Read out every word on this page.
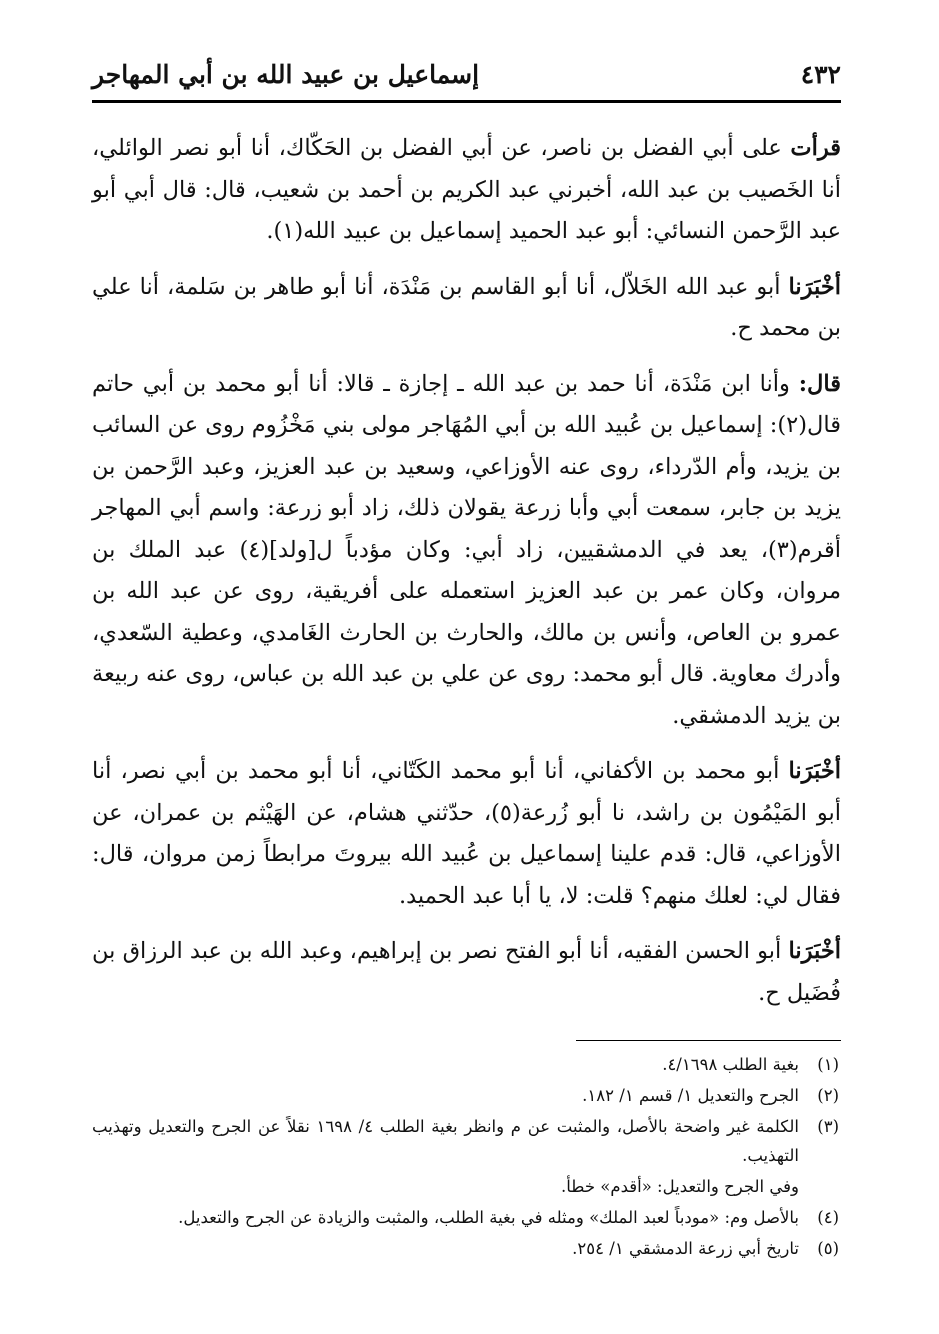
٤٣٢
إسماعيل بن عبيد الله بن أبي المهاجر

قرأت على أبي الفضل بن ناصر، عن أبي الفضل بن الحَكّاك، أنا أبو نصر الوائلي، أنا الخَصيب بن عبد الله، أخبرني عبد الكريم بن أحمد بن شعيب، قال: قال أبي أبو عبد الرَّحمن النسائي: أبو عبد الحميد إسماعيل بن عبيد الله(١).

أخْبَرَنا أبو عبد الله الخَلاّل، أنا أبو القاسم بن مَنْدَة، أنا أبو طاهر بن سَلمة، أنا علي بن محمد ح.

قال: وأنا ابن مَنْدَة، أنا حمد بن عبد الله ـ إجازة ـ قالا: أنا أبو محمد بن أبي حاتم قال(٢): إسماعيل بن عُبيد الله بن أبي المُهَاجر مولى بني مَخْزُوم روى عن السائب بن يزيد، وأم الدّرداء، روى عنه الأوزاعي، وسعيد بن عبد العزيز، وعبد الرَّحمن بن يزيد بن جابر، سمعت أبي وأبا زرعة يقولان ذلك، زاد أبو زرعة: واسم أبي المهاجر أقرم(٣)، يعد في الدمشقيين، زاد أبي: وكان مؤدباً ل[ولد](٤) عبد الملك بن مروان، وكان عمر بن عبد العزيز استعمله على أفريقية، روى عن عبد الله بن عمرو بن العاص، وأنس بن مالك، والحارث بن الحارث الغَامدي، وعطية السّعدي، وأدرك معاوية. قال أبو محمد: روى عن علي بن عبد الله بن عباس، روى عنه ربيعة بن يزيد الدمشقي.

أخْبَرَنا أبو محمد بن الأكفاني، أنا أبو محمد الكَتّاني، أنا أبو محمد بن أبي نصر، أنا أبو المَيْمُون بن راشد، نا أبو زُرعة(٥)، حدّثني هشام، عن الهَيْثم بن عمران، عن الأوزاعي، قال: قدم علينا إسماعيل بن عُبيد الله بيروتَ مرابطاً زمن مروان، قال: فقال لي: لعلك منهم؟ قلت: لا، يا أبا عبد الحميد.

أخْبَرَنا أبو الحسن الفقيه، أنا أبو الفتح نصر بن إبراهيم، وعبد الله بن عبد الرزاق بن فُضَيل ح.

(١)
بغية الطلب ٤/١٦٩٨.
(٢)
الجرح والتعديل ١/ قسم ١/ ١٨٢.
(٣)
الكلمة غير واضحة بالأصل، والمثبت عن م وانظر بغية الطلب ٤/ ١٦٩٨ نقلاً عن الجرح والتعديل وتهذيب التهذيب.
وفي الجرح والتعديل: «أقدم» خطأ.
(٤)
بالأصل وم: «مودباً لعبد الملك» ومثله في بغية الطلب، والمثبت والزيادة عن الجرح والتعديل.
(٥)
تاريخ أبي زرعة الدمشقي ١/ ٢٥٤.
